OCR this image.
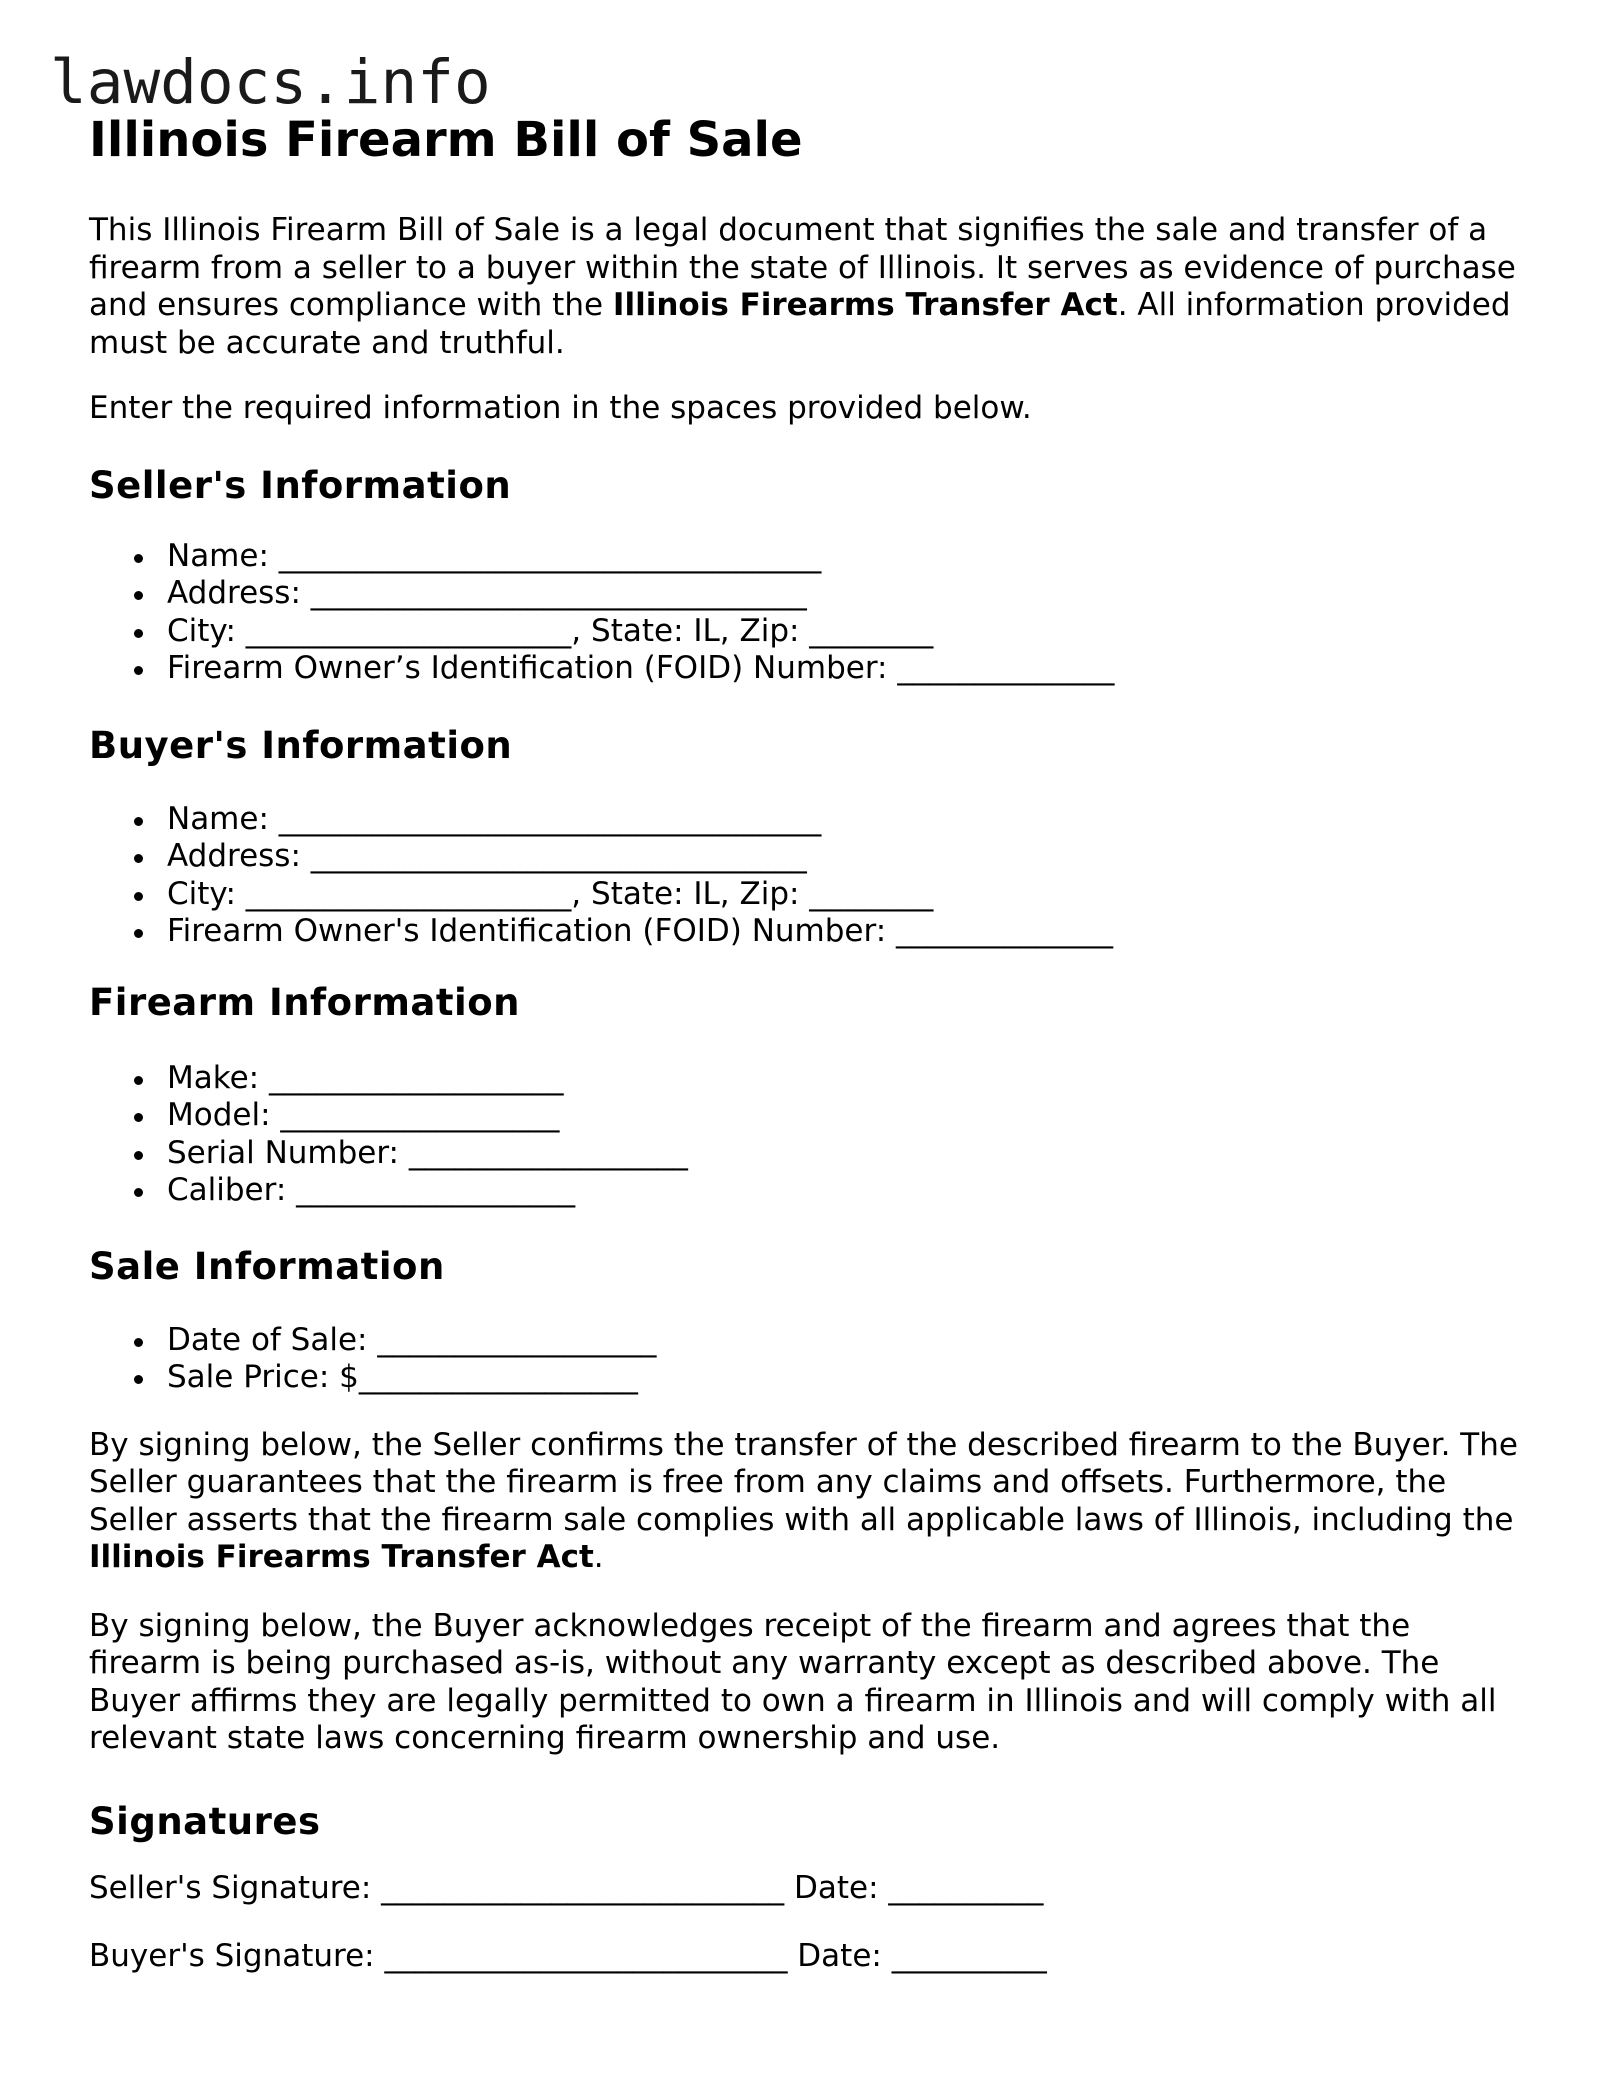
lawdocs.info
Illinois Firearm Bill of Sale

This Illinois Firearm Bill of Sale is a legal document that signifies the sale and transfer of a firearm from a seller to a buyer within the state of Illinois. It serves as evidence of purchase and ensures compliance with the Illinois Firearms Transfer Act. All information provided must be accurate and truthful.

Enter the required information in the spaces provided below.

Seller's Information
Name: ___________________________________
Address: ________________________________
City: _____________________, State: IL, Zip: ________
Firearm Owner’s Identification (FOID) Number: ______________
Buyer's Information
Name: ___________________________________
Address: ________________________________
City: _____________________, State: IL, Zip: ________
Firearm Owner's Identification (FOID) Number: ______________
Firearm Information
Make: ___________________
Model: __________________
Serial Number: __________________
Caliber: __________________
Sale Information
Date of Sale: __________________
Sale Price: $__________________

By signing below, the Seller confirms the transfer of the described firearm to the Buyer. The Seller guarantees that the firearm is free from any claims and offsets. Furthermore, the Seller asserts that the firearm sale complies with all applicable laws of Illinois, including the Illinois Firearms Transfer Act.

By signing below, the Buyer acknowledges receipt of the firearm and agrees that the firearm is being purchased as-is, without any warranty except as described above. The Buyer affirms they are legally permitted to own a firearm in Illinois and will comply with all relevant state laws concerning firearm ownership and use.

Signatures

Seller's Signature: __________________________ Date: __________

Buyer's Signature: __________________________ Date: __________
